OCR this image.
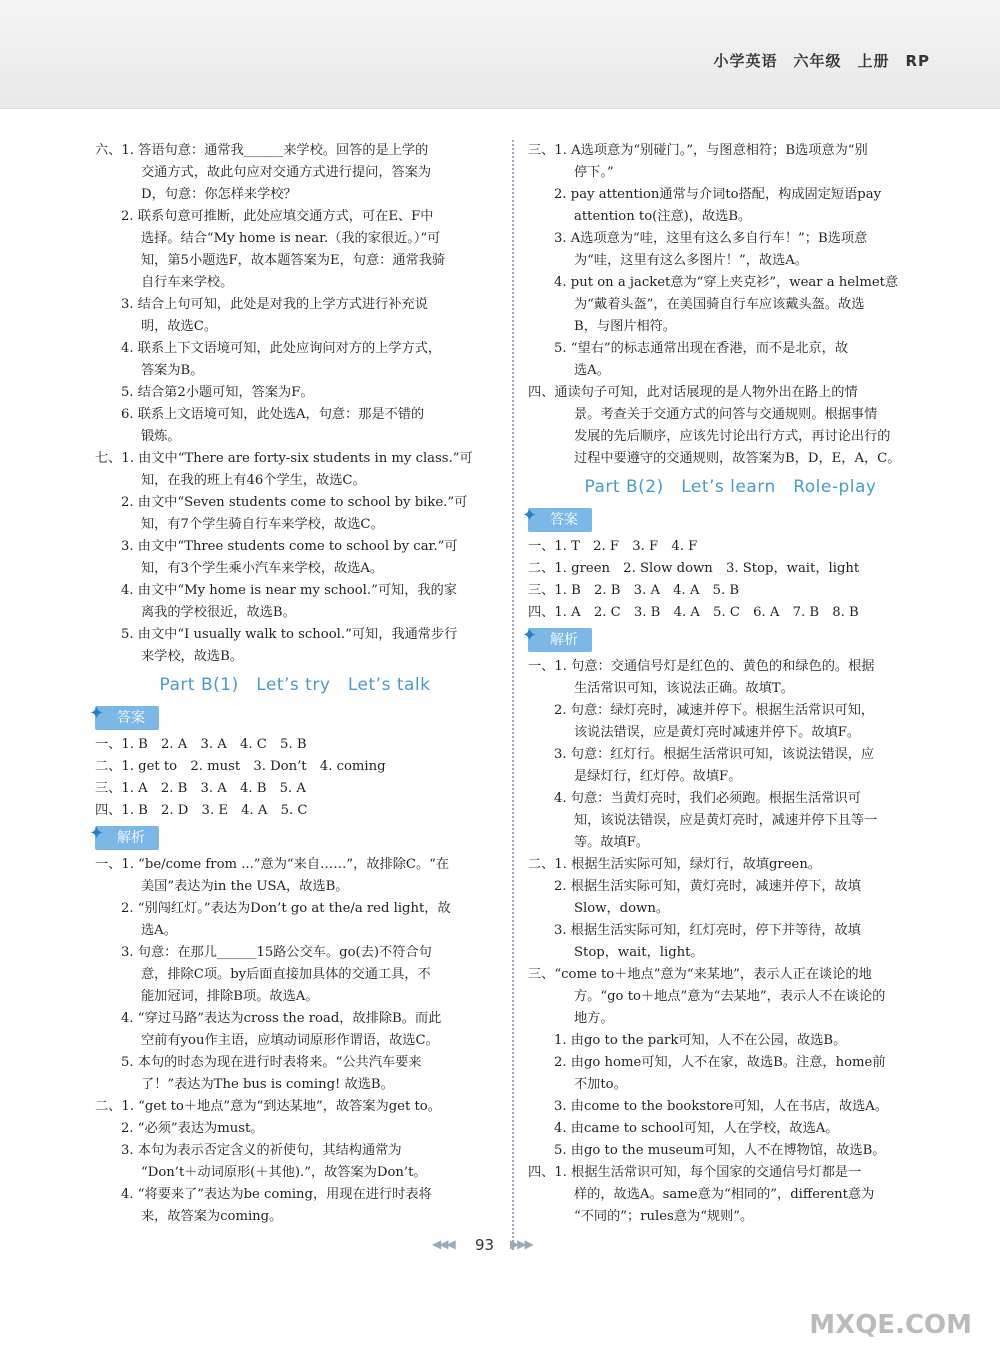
小学英语　六年级　上册　RP
六、1. 答语句意：通常我______来学校。回答的是上学的
交通方式，故此句应对交通方式进行提问，答案为
D，句意：你怎样来学校？
2. 联系句意可推断，此处应填交通方式，可在E、F中
选择。结合“My home is near.（我的家很近。）”可
知，第5小题选F，故本题答案为E，句意：通常我骑
自行车来学校。
3. 结合上句可知，此处是对我的上学方式进行补充说
明，故选C。
4. 联系上下文语境可知，此处应询问对方的上学方式，
答案为B。
5. 结合第2小题可知，答案为F。
6. 联系上文语境可知，此处选A，句意：那是不错的
锻炼。
七、1. 由文中“There are forty-six students in my class.”可
知，在我的班上有46个学生，故选C。
2. 由文中“Seven students come to school by bike.”可
知，有7个学生骑自行车来学校，故选C。
3. 由文中“Three students come to school by car.”可
知，有3个学生乘小汽车来学校，故选A。
4. 由文中“My home is near my school.”可知，我的家
离我的学校很近，故选B。
5. 由文中“I usually walk to school.”可知，我通常步行
来学校，故选B。
Part B(1)　Let’s try　Let’s talk
✦ 答案
一、1. B　2. A　3. A　4. C　5. B
二、1. get to　2. must　3. Don’t　4. coming
三、1. A　2. B　3. A　4. B　5. A
四、1. B　2. D　3. E　4. A　5. C
✦ 解析
一、1. “be/come from ...”意为“来自……”，故排除C。“在
美国”表达为in the USA，故选B。
2. “别闯红灯。”表达为Don’t go at the/a red light，故
选A。
3. 句意：在那儿______15路公交车。go(去)不符合句
意，排除C项。by后面直接加具体的交通工具，不
能加冠词，排除B项。故选A。
4. “穿过马路”表达为cross the road，故排除B。而此
空前有you作主语，应填动词原形作谓语，故选C。
5. 本句的时态为现在进行时表将来。“公共汽车要来
了！”表达为The bus is coming! 故选B。
二、1. “get to＋地点”意为“到达某地”，故答案为get to。
2. “必须”表达为must。
3. 本句为表示否定含义的祈使句，其结构通常为
“Don’t＋动词原形(＋其他).”，故答案为Don’t。
4. “将要来了”表达为be coming，用现在进行时表将
来，故答案为coming。
三、1. A选项意为“别碰门。”，与图意相符；B选项意为“别
停下。”
2. pay attention通常与介词to搭配，构成固定短语pay
attention to(注意)，故选B。
3. A选项意为“哇，这里有这么多自行车！”；B选项意
为“哇，这里有这么多图片！”，故选A。
4. put on a jacket意为“穿上夹克衫”，wear a helmet意
为“戴着头盔”，在美国骑自行车应该戴头盔。故选
B，与图片相符。
5. “望右”的标志通常出现在香港，而不是北京，故
选A。
四、通读句子可知，此对话展现的是人物外出在路上的情
景。考查关于交通方式的问答与交通规则。根据事情
发展的先后顺序，应该先讨论出行方式，再讨论出行的
过程中要遵守的交通规则，故答案为B，D，E，A，C。
Part B(2)　Let’s learn　Role-play
✦ 答案
一、1. T　2. F　3. F　4. F
二、1. green　2. Slow down　3. Stop，wait，light
三、1. B　2. B　3. A　4. A　5. B
四、1. A　2. C　3. B　4. A　5. C　6. A　7. B　8. B
✦ 解析
一、1. 句意：交通信号灯是红色的、黄色的和绿色的。根据
生活常识可知，该说法正确。故填T。
2. 句意：绿灯亮时，减速并停下。根据生活常识可知，
该说法错误，应是黄灯亮时减速并停下。故填F。
3. 句意：红灯行。根据生活常识可知，该说法错误，应
是绿灯行，红灯停。故填F。
4. 句意：当黄灯亮时，我们必须跑。根据生活常识可
知，该说法错误，应是黄灯亮时，减速并停下且等一
等。故填F。
二、1. 根据生活实际可知，绿灯行，故填green。
2. 根据生活实际可知，黄灯亮时，减速并停下，故填
Slow，down。
3. 根据生活实际可知，红灯亮时，停下并等待，故填
Stop，wait，light。
三、“come to＋地点”意为“来某地”，表示人正在谈论的地
方。“go to＋地点”意为“去某地”，表示人不在谈论的
地方。
1. 由go to the park可知，人不在公园，故选B。
2. 由go home可知，人不在家，故选B。注意，home前
不加to。
3. 由come to the bookstore可知，人在书店，故选A。
4. 由came to school可知，人在学校，故选A。
5. 由go to the museum可知，人不在博物馆，故选B。
四、1. 根据生活常识可知，每个国家的交通信号灯都是一
样的，故选A。same意为“相同的”，different意为
“不同的”；rules意为“规则”。
◀◀◀ 93 ▶▶▶
MXQE.COM
